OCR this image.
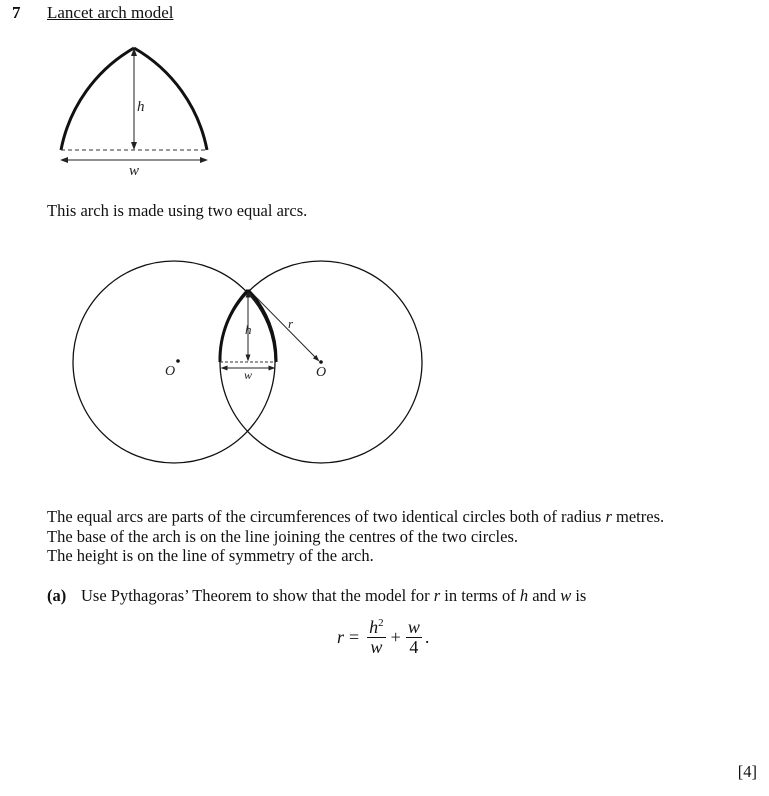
7 Lancet arch model
h
w
This arch is made using two equal arcs.
h	r
w
O	O
The equal arcs are parts of the circumferences of two identical circles both of radius r metres.
The base of the arch is on the line joining the centres of the two circles.
The height is on the line of symmetry of the arch.
(a) Use Pythagoras’ Theorem to show that the model for r in terms of h and w is
$r = \frac{h^2}{w} + \frac{w}{4}$ .
[4]
